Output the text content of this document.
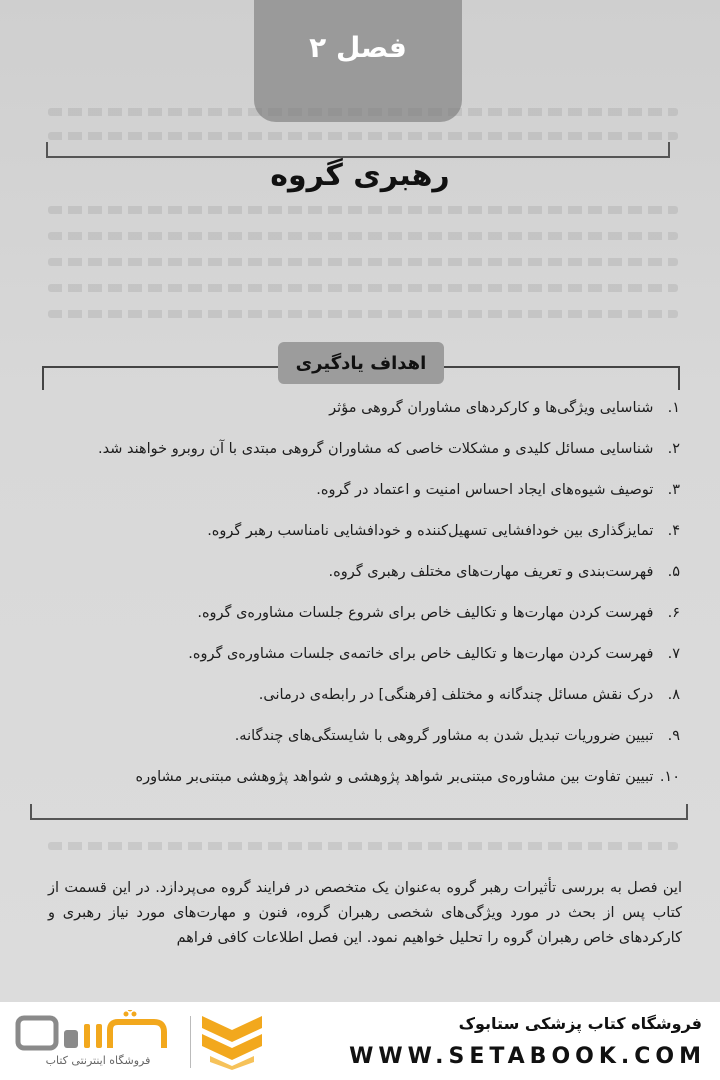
فصل ۲
رهبری گروه
اهداف یادگیری
۱. شناسایی ویژگی‌ها و کارکردهای مشاوران گروهی مؤثر
۲. شناسایی مسائل کلیدی و مشکلات خاصی که مشاوران گروهی مبتدی با آن روبرو خواهند شد.
۳. توصیف شیوه‌های ایجاد احساس امنیت و اعتماد در گروه.
۴. تمایزگذاری بین خودافشایی تسهیل‌کننده و خودافشایی نامناسب رهبر گروه.
۵. فهرست‌بندی و تعریف مهارت‌های مختلف رهبری گروه.
۶. فهرست کردن مهارت‌ها و تکالیف خاص برای شروع جلسات مشاوره‌ی گروه.
۷. فهرست کردن مهارت‌ها و تکالیف خاص برای خاتمه‌ی جلسات مشاوره‌ی گروه.
۸. درک نقش مسائل چندگانه و مختلف [فرهنگی] در رابطه‌ی درمانی.
۹. تبیین ضروریات تبدیل شدن به مشاور گروهی با شایستگی‌های چندگانه.
۱۰. تبیین تفاوت بین مشاوره‌ی مبتنی‌بر شواهد پژوهشی و شواهد پژوهشی مبتنی‌بر مشاوره

این فصل به بررسی تأثیرات رهبر گروه به‌عنوان یک متخصص در فرایند گروه می‌پردازد. در این قسمت از کتاب پس از بحث در مورد ویژگی‌های شخصی رهبران گروه، فنون و مهارت‌های مورد نیاز رهبری و کارکردهای خاص رهبران گروه را تحلیل خواهیم نمود. این فصل اطلاعات کافی فراهم

فروشگاه کتاب پزشکی ستابوک
WWW.SETABOOK.COM
فروشگاه اینترنتی کتاب
